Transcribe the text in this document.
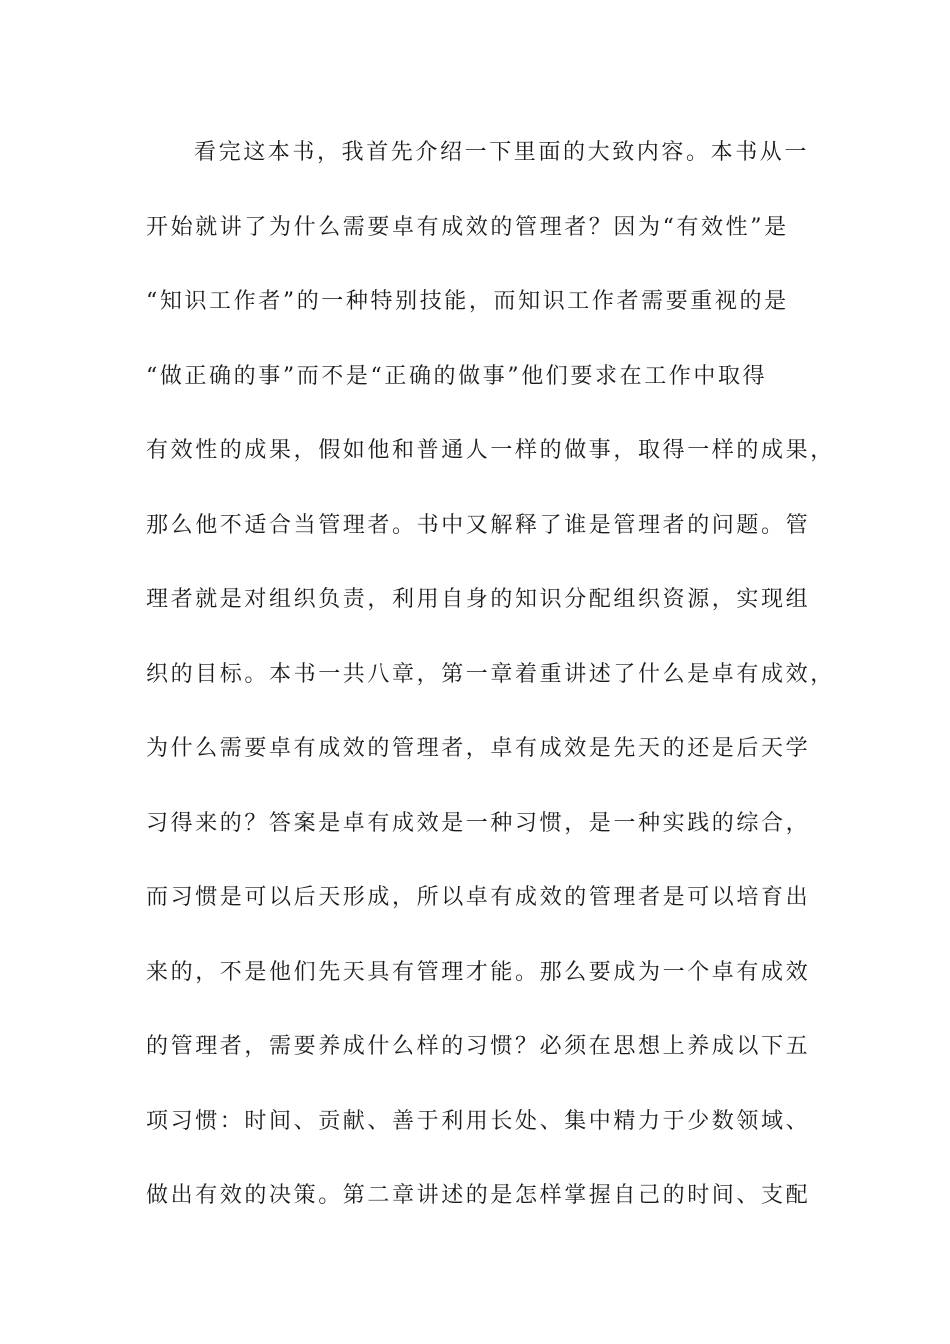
看完这本书，我首先介绍一下里面的大致内容。本书从一
开始就讲了为什么需要卓有成效的管理者？因为“有效性”是
“知识工作者”的一种特别技能，而知识工作者需要重视的是
“做正确的事”而不是“正确的做事”他们要求在工作中取得
有效性的成果，假如他和普通人一样的做事，取得一样的成果，
那么他不适合当管理者。书中又解释了谁是管理者的问题。管
理者就是对组织负责，利用自身的知识分配组织资源，实现组
织的目标。本书一共八章，第一章着重讲述了什么是卓有成效，
为什么需要卓有成效的管理者，卓有成效是先天的还是后天学
习得来的？答案是卓有成效是一种习惯，是一种实践的综合，
而习惯是可以后天形成，所以卓有成效的管理者是可以培育出
来的，不是他们先天具有管理才能。那么要成为一个卓有成效
的管理者，需要养成什么样的习惯？必须在思想上养成以下五
项习惯：时间、贡献、善于利用长处、集中精力于少数领域、
做出有效的决策。第二章讲述的是怎样掌握自己的时间、支配
